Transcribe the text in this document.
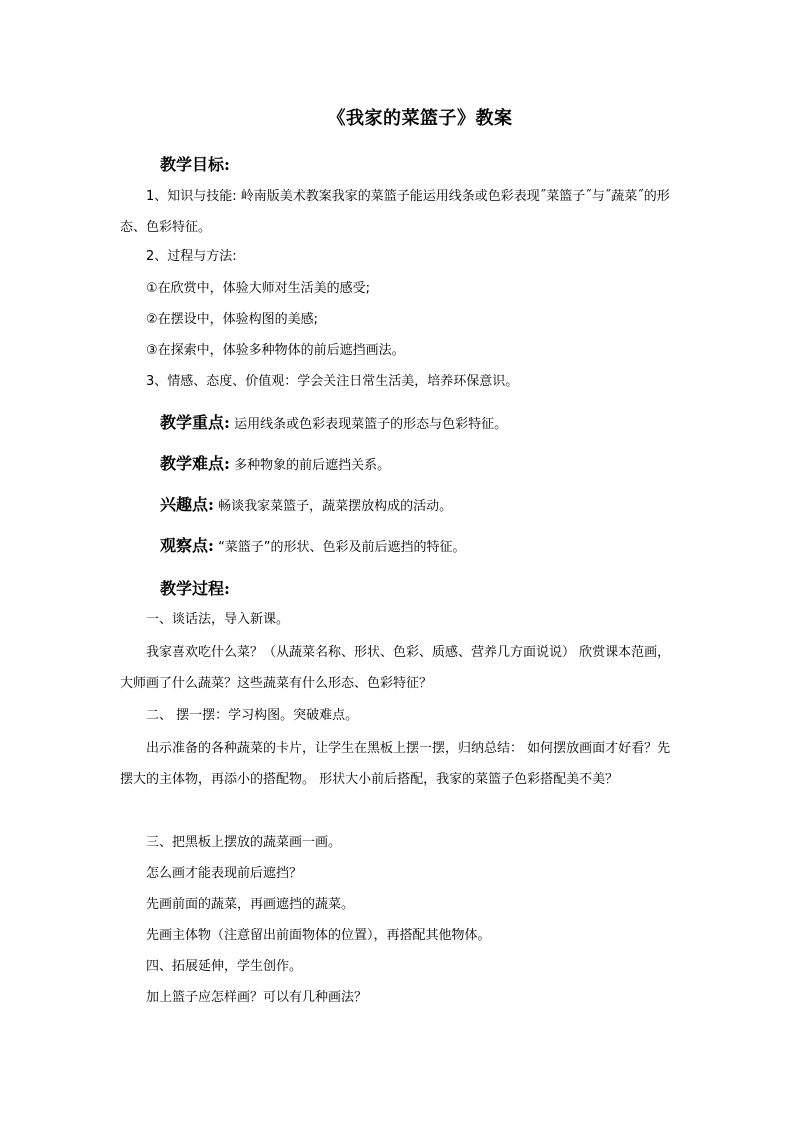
《我家的菜篮子》教案
教学目标:
1、知识与技能: 岭南版美术教案我家的菜篮子能运用线条或色彩表现˝菜篮子˝与˝蔬菜˝的形态、色彩特征。
2、过程与方法:
①在欣赏中，体验大师对生活美的感受;
②在摆设中，体验构图的美感;
③在探索中，体验多种物体的前后遮挡画法。
3、情感、态度、价值观：学会关注日常生活美，培养环保意识。
教学重点: 运用线条或色彩表现菜篮子的形态与色彩特征。
教学难点: 多种物象的前后遮挡关系。
兴趣点: 畅谈我家菜篮子，蔬菜摆放构成的活动。
观察点: “菜篮子”的形状、色彩及前后遮挡的特征。
教学过程:
一、谈话法，导入新课。
我家喜欢吃什么菜？（从蔬菜名称、形状、色彩、质感、营养几方面说说） 欣赏课本范画，大师画了什么蔬菜？这些蔬菜有什么形态、色彩特征？
二、 摆一摆：学习构图。突破难点。
出示准备的各种蔬菜的卡片，让学生在黑板上摆一摆，归纳总结： 如何摆放画面才好看？先摆大的主体物，再添小的搭配物。 形状大小前后搭配，我家的菜篮子色彩搭配美不美？
三、把黑板上摆放的蔬菜画一画。
怎么画才能表现前后遮挡？
先画前面的蔬菜，再画遮挡的蔬菜。
先画主体物（注意留出前面物体的位置），再搭配其他物体。
四、拓展延伸，学生创作。
加上篮子应怎样画？可以有几种画法？
